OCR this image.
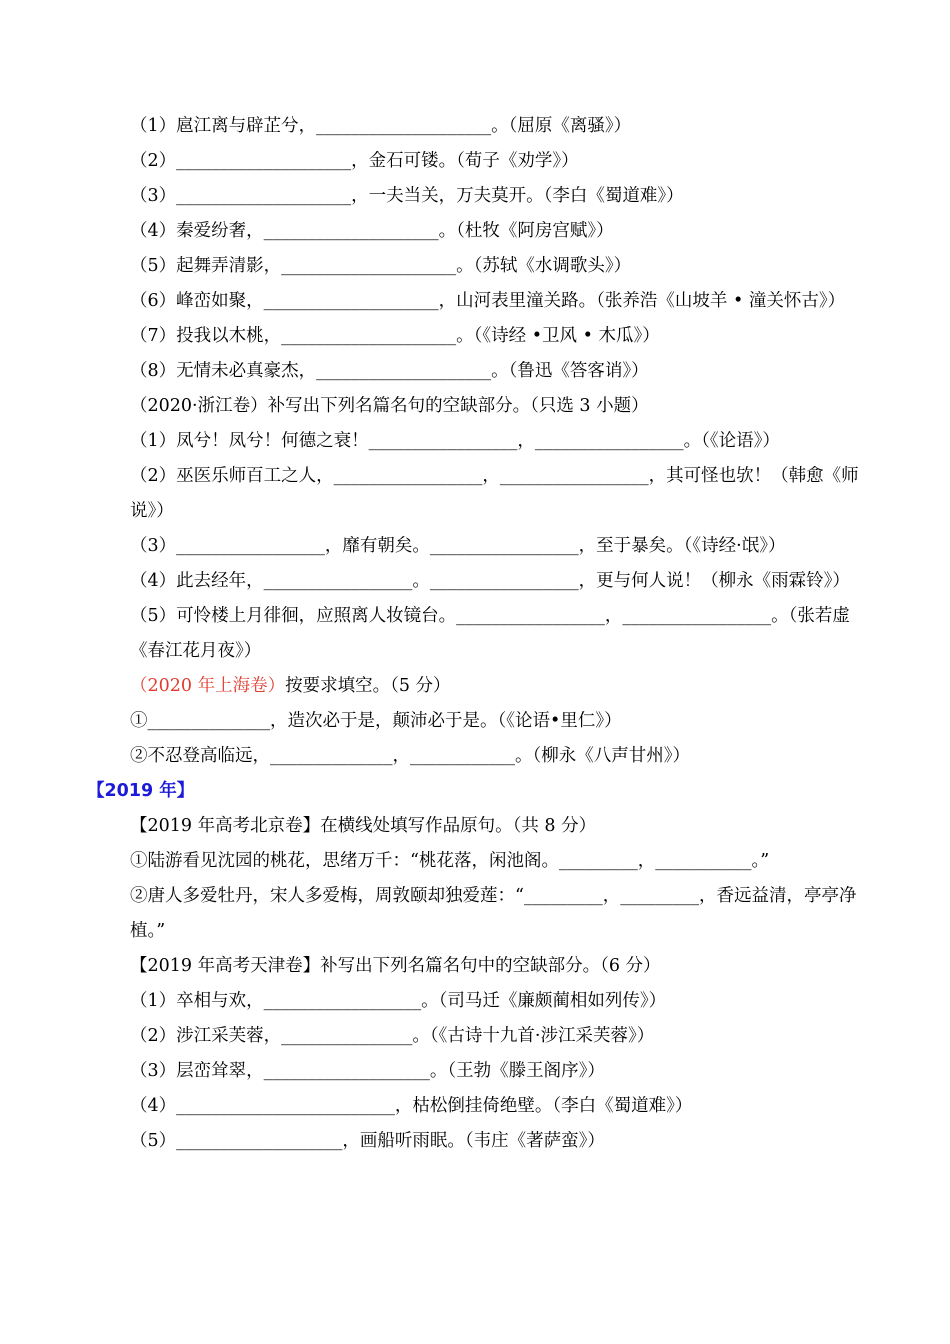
（1）扈江离与辟芷兮，____________________。（屈原《离骚》）

（2）____________________，金石可镂。（荀子《劝学》）

（3）____________________，一夫当关，万夫莫开。（李白《蜀道难》）

（4）秦爱纷奢，____________________。（杜牧《阿房宫赋》）

（5）起舞弄清影，____________________。（苏轼《水调歌头》）

（6）峰峦如聚，____________________，山河表里潼关路。（张养浩《山坡羊 • 潼关怀古》）

（7）投我以木桃，____________________。（《诗经 •卫风 • 木瓜》）

（8）无情未必真豪杰，____________________。（鲁迅《答客诮》）

（2020·浙江卷）补写出下列名篇名句的空缺部分。（只选 3 小题）

（1）凤兮！凤兮！何德之衰！_________________，_________________。（《论语》）

（2）巫医乐师百工之人，_________________，_________________，其可怪也欤！（韩愈《师说》）

（3）_________________，靡有朝矣。_________________，至于暴矣。（《诗经·氓》）

（4）此去经年，_________________。_________________，更与何人说！（柳永《雨霖铃》）

（5）可怜楼上月徘徊，应照离人妆镜台。_________________，_________________。（张若虚《春江花月夜》）

（2020 年上海卷）按要求填空。（5 分）

①______________，造次必于是，颠沛必于是。（《论语•里仁》）

②不忍登高临远，______________，____________。（柳永《八声甘州》）

【2019 年】

【2019 年高考北京卷】在横线处填写作品原句。（共 8 分）

①陆游看见沈园的桃花，思绪万千：“桃花落，闲池阁。_________，___________。”

②唐人多爱牡丹，宋人多爱梅，周敦颐却独爱莲：“_________，_________，香远益清，亭亭净植。”

【2019 年高考天津卷】补写出下列名篇名句中的空缺部分。（6 分）

（1）卒相与欢，__________________。（司马迁《廉颇蔺相如列传》）

（2）涉江采芙蓉，_______________。（《古诗十九首·涉江采芙蓉》）

（3）层峦耸翠，___________________。（王勃《滕王阁序》）

（4）_________________________，枯松倒挂倚绝壁。（李白《蜀道难》）

（5）___________________，画船听雨眠。（韦庄《著萨蛮》）
